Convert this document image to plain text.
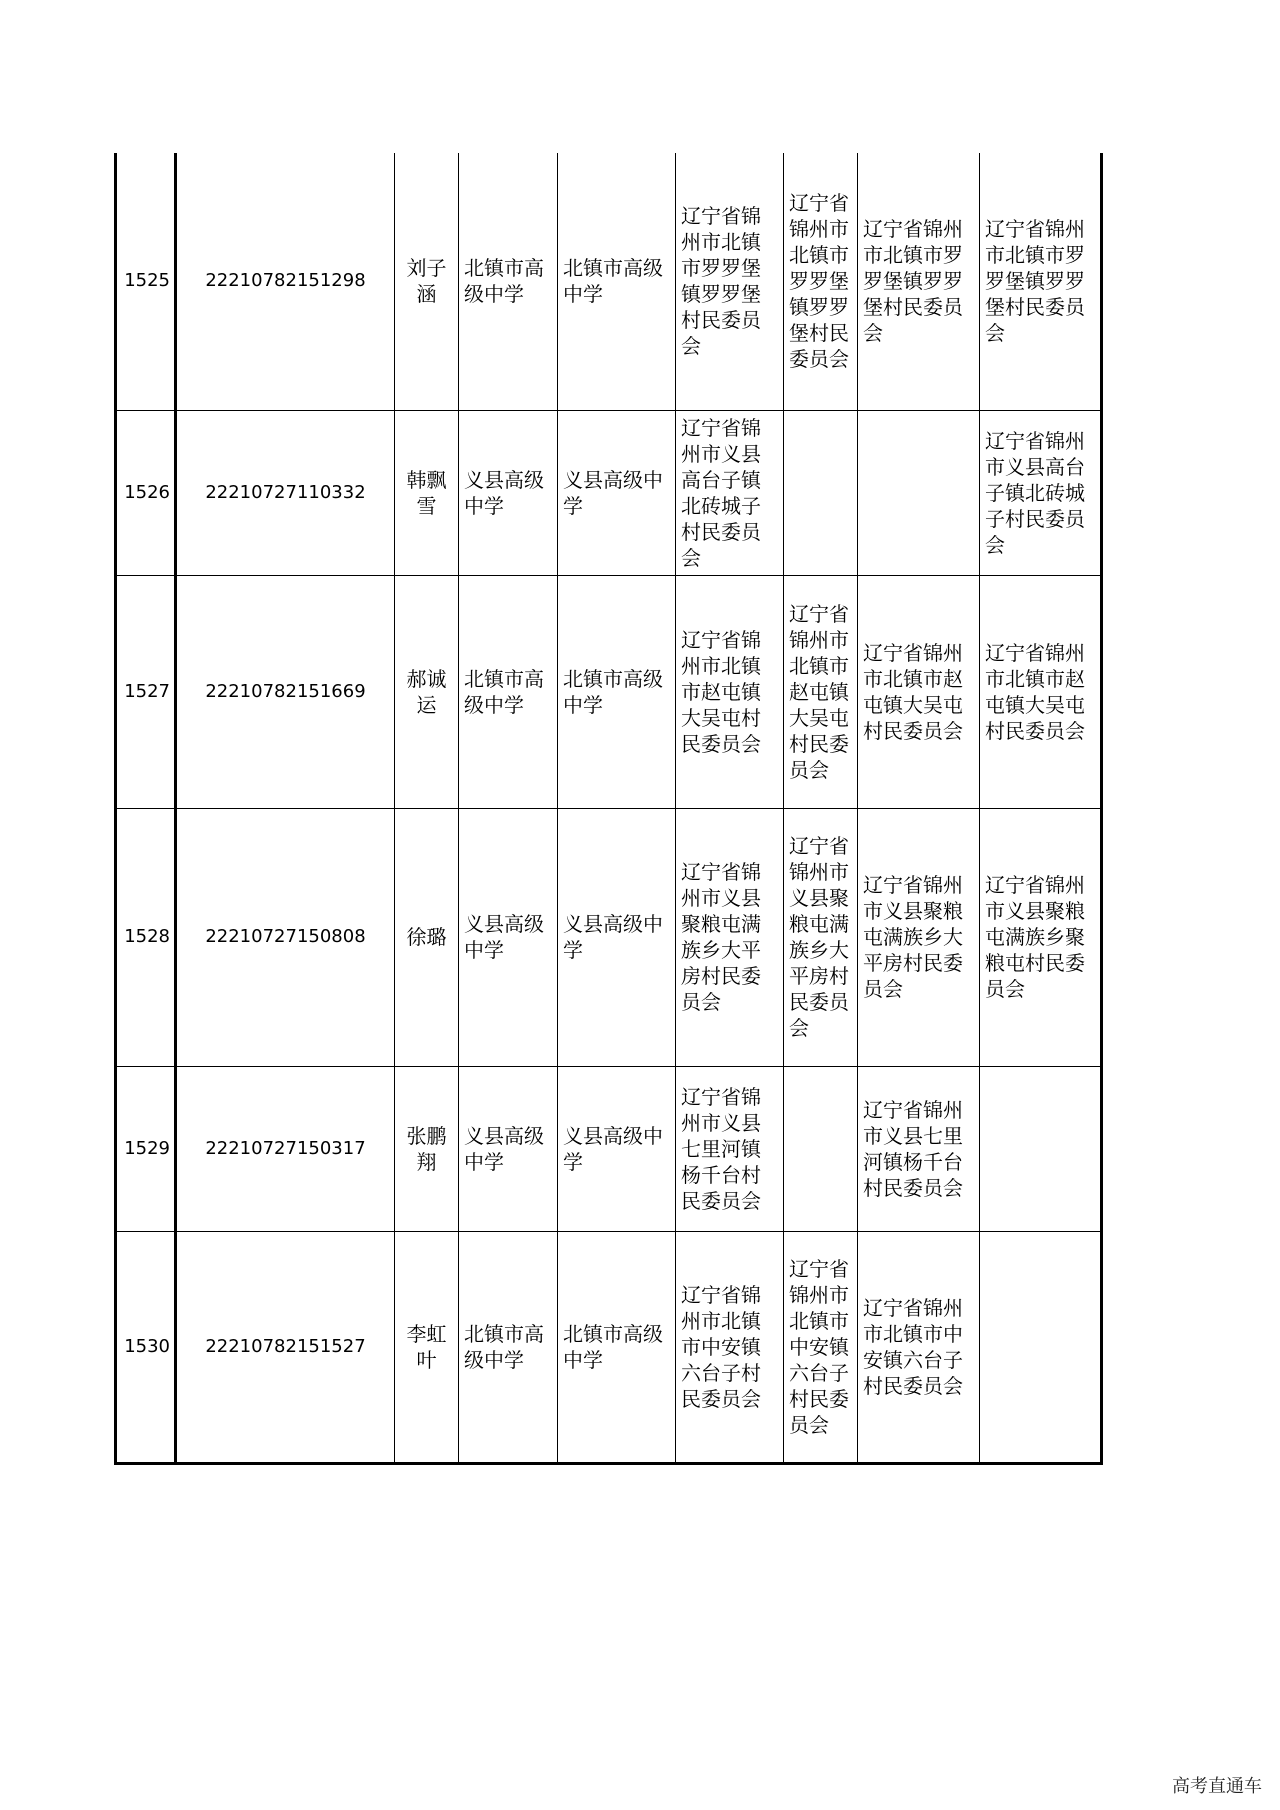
1525	22210782151298	刘子涵	北镇市高级中学	北镇市高级中学	辽宁省锦州市北镇市罗罗堡镇罗罗堡村民委员会	辽宁省锦州市北镇市罗罗堡镇罗罗堡村民委员会	辽宁省锦州市北镇市罗罗堡镇罗罗堡村民委员会	辽宁省锦州市北镇市罗罗堡镇罗罗堡村民委员会
1526	22210727110332	韩飘雪	义县高级中学	义县高级中学	辽宁省锦州市义县高台子镇北砖城子村民委员会			辽宁省锦州市义县高台子镇北砖城子村民委员会
1527	22210782151669	郝诚运	北镇市高级中学	北镇市高级中学	辽宁省锦州市北镇市赵屯镇大吴屯村民委员会	辽宁省锦州市北镇市赵屯镇大吴屯村民委员会	辽宁省锦州市北镇市赵屯镇大吴屯村民委员会	辽宁省锦州市北镇市赵屯镇大吴屯村民委员会
1528	22210727150808	徐璐	义县高级中学	义县高级中学	辽宁省锦州市义县聚粮屯满族乡大平房村民委员会	辽宁省锦州市义县聚粮屯满族乡大平房村民委员会	辽宁省锦州市义县聚粮屯满族乡大平房村民委员会	辽宁省锦州市义县聚粮屯满族乡聚粮屯村民委员会
1529	22210727150317	张鹏翔	义县高级中学	义县高级中学	辽宁省锦州市义县七里河镇杨千台村民委员会		辽宁省锦州市义县七里河镇杨千台村民委员会	
1530	22210782151527	李虹叶	北镇市高级中学	北镇市高级中学	辽宁省锦州市北镇市中安镇六台子村民委员会	辽宁省锦州市北镇市中安镇六台子村民委员会	辽宁省锦州市北镇市中安镇六台子村民委员会	
高考直通车
